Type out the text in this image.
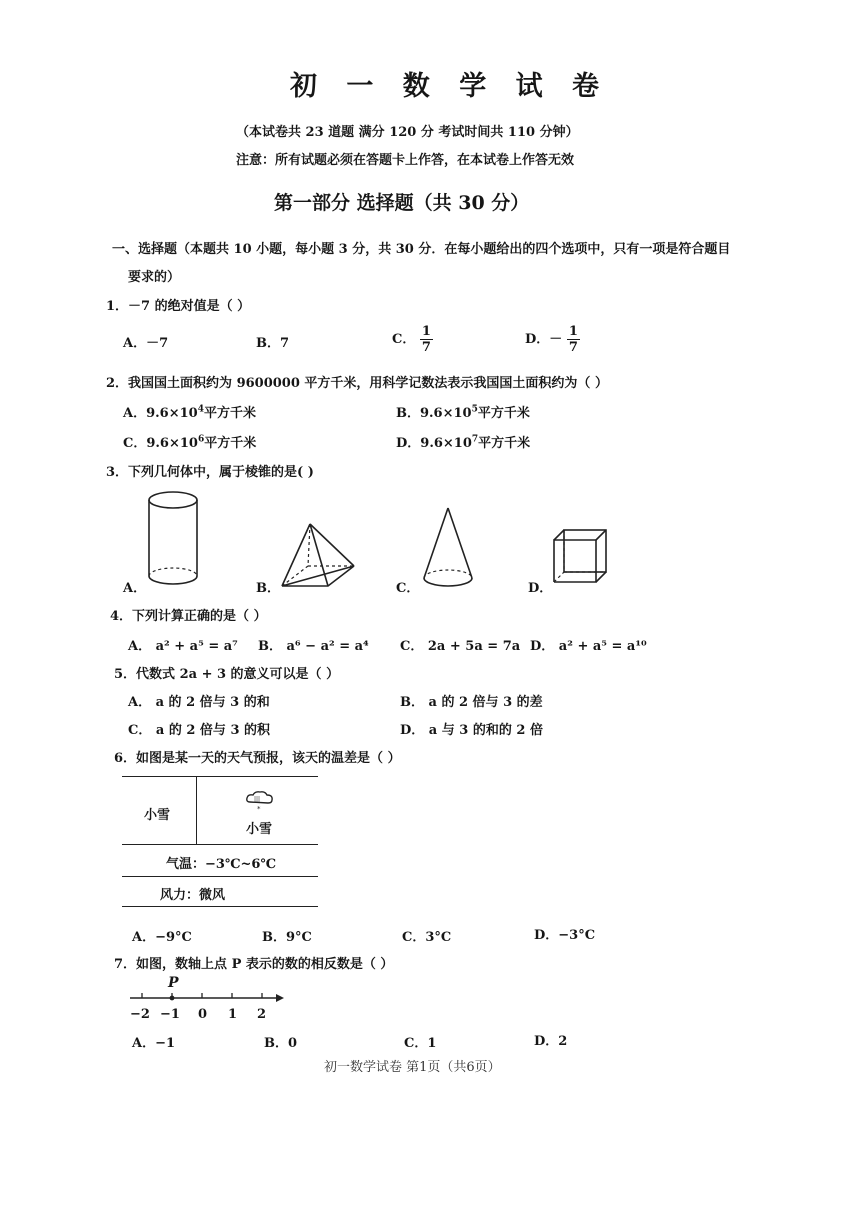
初 一 数 学 试 卷
（本试卷共 23 道题 满分 120 分 考试时间共 110 分钟）
注意：所有试题必须在答题卡上作答，在本试卷上作答无效
第一部分 选择题（共 30 分）
一、选择题（本题共 10 小题，每小题 3 分，共 30 分．在每小题给出的四个选项中，只有一项是符合题目
要求的）
1．－7 的绝对值是（ ）
A．－7	B．7	C． $\frac{1}{7}$	D．－ $\frac{1}{7}$
2．我国国土面积约为 9600000 平方千米，用科学记数法表示我国国土面积约为（ ）
A．$9.6\times 10^4$平方千米	B．$9.6\times 10^5$平方千米
C．$9.6\times 10^6$平方千米	D．$9.6\times 10^7$平方千米
3．下列几何体中，属于棱锥的是( )
A．	B．	C．	D．
4．下列计算正确的是（ ）
A． a² + a⁵ = a⁷ B． a⁶ − a² = a⁴ C． 2a + 5a = 7a D． a² + a⁵ = a¹⁰
5．代数式 2a + 3 的意义可以是（ ）
A． a 的 2 倍与 3 的和	B． a 的 2 倍与 3 的差
C． a 的 2 倍与 3 的积	D． a 与 3 的和的 2 倍
6．如图是某一天的天气预报，该天的温差是（ ）
小雪
|||
*
小雪
气温：−3℃~6℃
风力：微风
A．−9°C	B．9°C	C．3°C	D．−3°C
7．如图，数轴上点 P 表示的数的相反数是（ ）
P
−2 −1 0 1 2
A．−1	B．0	C．1	D．2
初一数学试卷 第1页（共6页）
